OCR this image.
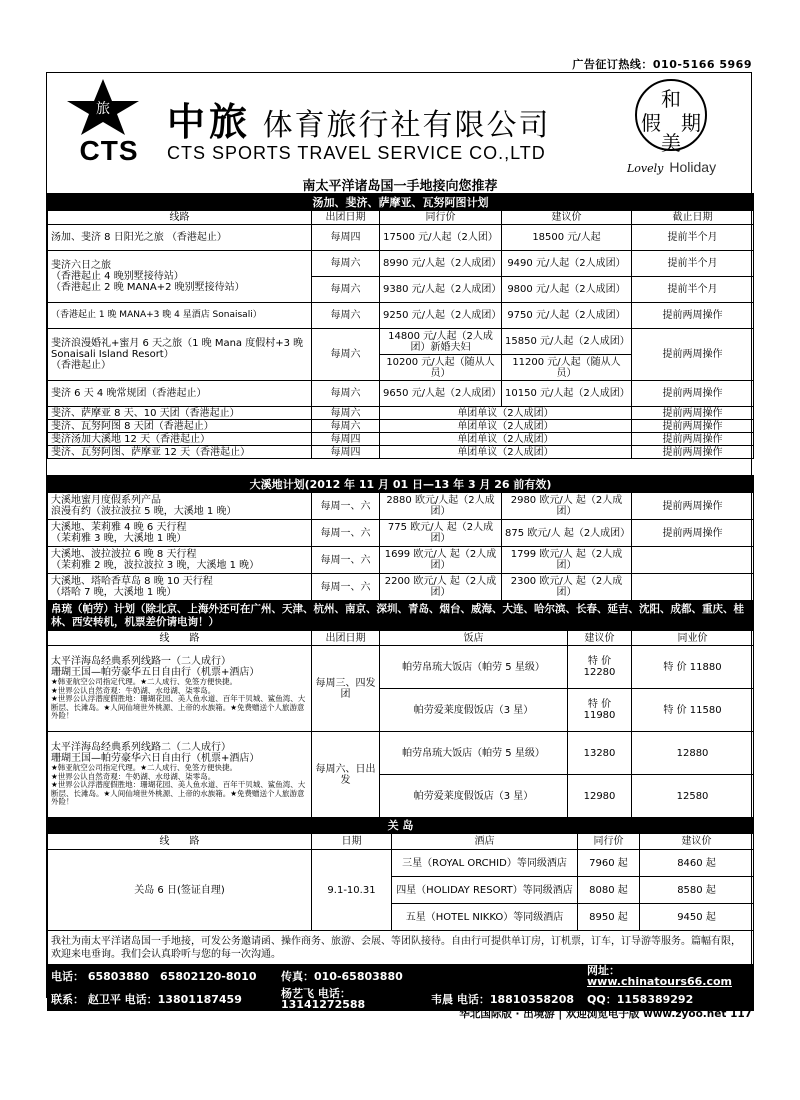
广告征订热线：010-5166 5969
旅
CTS
中旅 体育旅行社有限公司
CTS SPORTS TRAVEL SERVICE CO.,LTD
和
假 期
美
Lovely Holiday
南太平洋诸岛国一手地接向您推荐
汤加、斐济、萨摩亚、瓦努阿图计划				
线路	出团日期	同行价	建议价	截止日期
汤加、斐济 8 日阳光之旅 （香港起止）	每周四	17500 元/人起（2人团）	18500 元/人起	提前半个月

斐济六日之旅
（香港起止 4 晚别墅接待站）
（香港起止 2 晚 MANA+2 晚别墅接待站）	每周六	8990 元/人起（2人成团）	9490 元/人起（2人成团）	提前半个月
	每周六	9380 元/人起（2人成团）	9800 元/人起（2人成团）	提前半个月
（香港起止 1 晚 MANA+3 晚 4 星酒店 Sonaisali）	每周六	9250 元/人起（2人成团）	9750 元/人起（2人成团）	提前两周操作

斐济浪漫婚礼+蜜月 6 天之旅（1 晚 Mana 度假村+3 晚 Sonaisali Island Resort）
（香港起止）	每周六	14800 元/人起（2人成团）新婚夫妇	15850 元/人起（2人成团）	提前两周操作
		10200 元/人起（随从人员）	11200 元/人起（随从人员）	
斐济 6 天 4 晚常规团（香港起止）	每周六	9650 元/人起（2人成团）	10150 元/人起（2人成团）	提前两周操作
斐济、萨摩亚 8 天、10 天团（香港起止）	每周六	单团单议（2人成团）		提前两周操作
斐济、瓦努阿图 8 天团（香港起止）	每周六	单团单议（2人成团）		提前两周操作
斐济汤加大溪地 12 天（香港起止）	每周四	单团单议（2人成团）		提前两周操作
斐济、瓦努阿图、萨摩亚 12 天（香港起止）	每周四	单团单议（2人成团）		提前两周操作
大溪地计划(2012 年 11 月 01 日—13 年 3 月 26 前有效)				

大溪地蜜月度假系列产品
浪漫有约（波拉波拉 5 晚，大溪地 1 晚）	每周一、六	2880 欧元/人起（2人成团）	2980 欧元/人 起（2人成团）	提前两周操作

大溪地、茉莉雅 4 晚 6 天行程
（茉莉雅 3 晚，大溪地 1 晚）	每周一、六	775 欧元/人 起（2人成团）	875 欧元/人 起（2人成团）	提前两周操作

大溪地、波拉波拉 6 晚 8 天行程
（茉莉雅 2 晚，波拉波拉 3 晚，大溪地 1 晚）	每周一、六	1699 欧元/人 起（2人成团）	1799 欧元/人 起（2人成团）	

大溪地、塔哈香草岛 8 晚 10 天行程
（塔哈 7 晚，大溪地 1 晚）	每周一、六	2200 欧元/人 起（2人成团）	2300 欧元/人 起（2人成团）	
帛琉（帕劳）计划（除北京、上海外还可在广州、天津、杭州、南京、深圳、青岛、烟台、威海、大连、哈尔滨、长春、延吉、沈阳、成都、重庆、桂林、西安转机，机票差价请电询！）				
线　　路	出团日期	饭店	建议价	同业价

太平洋海岛经典系列线路一（二人成行）
珊瑚王国—帕劳豪华五日自由行（机票+酒店）
★韩亚航空公司指定代理。★二人成行、免签方便快捷。
★世界公认自然奇观：牛奶湖、水母湖、柒零岛。
★世界公认浮潜度假胜地：珊瑚花园、美人鱼水道、百年干贝城、鲨鱼湾、大断层、长滩岛。★人间仙境世外桃源、上帝的水族箱。★免费赠送个人旅游意外险！	每周三、四发团	帕劳帛琉大饭店（帕劳 5 星级）	特 价 12280	特 价 11880
		帕劳爱莱度假饭店（3 星）	特 价 11980	特 价 11580

太平洋海岛经典系列线路二（二人成行）
珊瑚王国—帕劳豪华六日自由行（机票+酒店）
★韩亚航空公司指定代理。★二人成行、免签方便快捷。
★世界公认自然奇观：牛奶湖、水母湖、柒零岛。
★世界公认浮潜度假胜地：珊瑚花园、美人鱼水道、百年干贝城、鲨鱼湾、大断层、长滩岛。★人间仙境世外桃源、上帝的水族箱。★免费赠送个人旅游意外险！	每周六、日出发	帕劳帛琉大饭店（帕劳 5 星级）	13280	12880
		帕劳爱莱度假饭店（3 星）	12980	12580
关 岛				
线　　路	日期	酒店	同行价	建议价
关岛 6 日(签证自理)	9.1-10.31	三星（ROYAL ORCHID）等同级酒店	7960 起	8460 起
		四星（HOLIDAY RESORT）等同级酒店	8080 起	8580 起
		五星（HOTEL NIKKO）等同级酒店	8950 起	9450 起
我社为南太平洋诸岛国一手地接，可发公务邀请函、操作商务、旅游、会展、等团队接待。自由行可提供单订房，订机票，订车，订导游等服务。篇幅有限，欢迎来电垂询。我们会认真聆听与您的每一次沟通。			
电话： 65803880　65802120-8010	传真：010-65803880		网址：www.chinatours66.com
联系： 赵卫平 电话：13801187459	杨艺飞 电话：13141272588	韦晨 电话：18810358208	QQ：1158389292
华北国际版 · 出境游 | 欢迎浏览电子版 www.zyoo.net 117
